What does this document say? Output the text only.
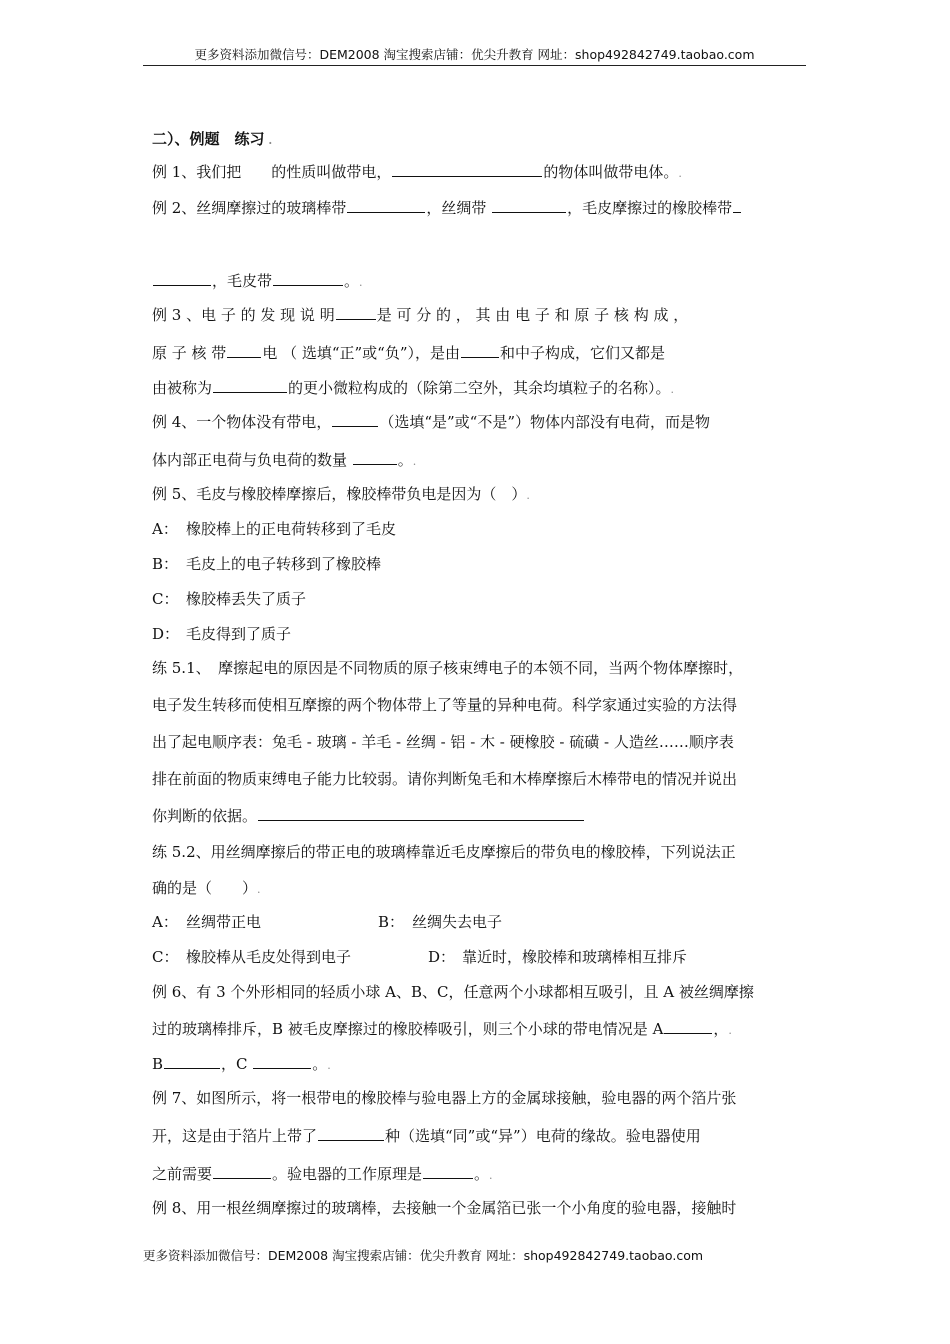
更多资料添加微信号：DEM2008 淘宝搜索店铺：优尖升教育 网址：shop492842749.taobao.com
二）、例题　练习 .
例 1、我们把　　的性质叫做带电，	的物体叫做带电体。.
例 2、丝绸摩擦过的玻璃棒带	，丝绸带	，毛皮摩擦过的橡胶棒带
，毛皮带	。.
例 3 、电 子 的 发 现 说 明	是 可 分 的 ， 其 由 电 子 和 原 子 核 构 成 ，
原 子 核 带 电 （ 选填“正”或“负”），是由	和中子构成，它们又都是
由被称为	的更小微粒构成的（除第二空外，其余均填粒子的名称）。.
例 4、一个物体没有带电，	（选填“是”或“不是”）物体内部没有电荷，而是物
体内部正电荷与负电荷的数量	。.
例 5、毛皮与橡胶棒摩擦后，橡胶棒带负电是因为（　）.
A： 橡胶棒上的正电荷转移到了毛皮
B： 毛皮上的电子转移到了橡胶棒
C： 橡胶棒丢失了质子
D： 毛皮得到了质子
练 5.1、　摩擦起电的原因是不同物质的原子核束缚电子的本领不同，当两个物体摩擦时，
电子发生转移而使相互摩擦的两个物体带上了等量的异种电荷。科学家通过实验的方法得
出了起电顺序表：兔毛 - 玻璃 - 羊毛 - 丝绸 - 铝 - 木 - 硬橡胶 - 硫磺 - 人造丝……顺序表
排在前面的物质束缚电子能力比较弱。请你判断兔毛和木棒摩擦后木棒带电的情况并说出
你判断的依据。
练 5.2、用丝绸摩擦后的带正电的玻璃棒靠近毛皮摩擦后的带负电的橡胶棒，下列说法正
确的是（　　）.
A： 丝绸带正电	B： 丝绸失去电子
C： 橡胶棒从毛皮处得到电子	D： 靠近时，橡胶棒和玻璃棒相互排斥
例 6、有 3 个外形相同的轻质小球 A、B、C，任意两个小球都相互吸引，且 A 被丝绸摩擦
过的玻璃棒排斥，B 被毛皮摩擦过的橡胶棒吸引，则三个小球的带电情况是 A	，.
B	，C	。.
例 7、如图所示，将一根带电的橡胶棒与验电器上方的金属球接触，验电器的两个箔片张
开，这是由于箔片上带了	种（选填“同”或“异”）电荷的缘故。验电器使用
之前需要	。验电器的工作原理是	。.
例 8、用一根丝绸摩擦过的玻璃棒，去接触一个金属箔已张一个小角度的验电器，接触时
更多资料添加微信号：DEM2008 淘宝搜索店铺：优尖升教育 网址：shop492842749.taobao.com
